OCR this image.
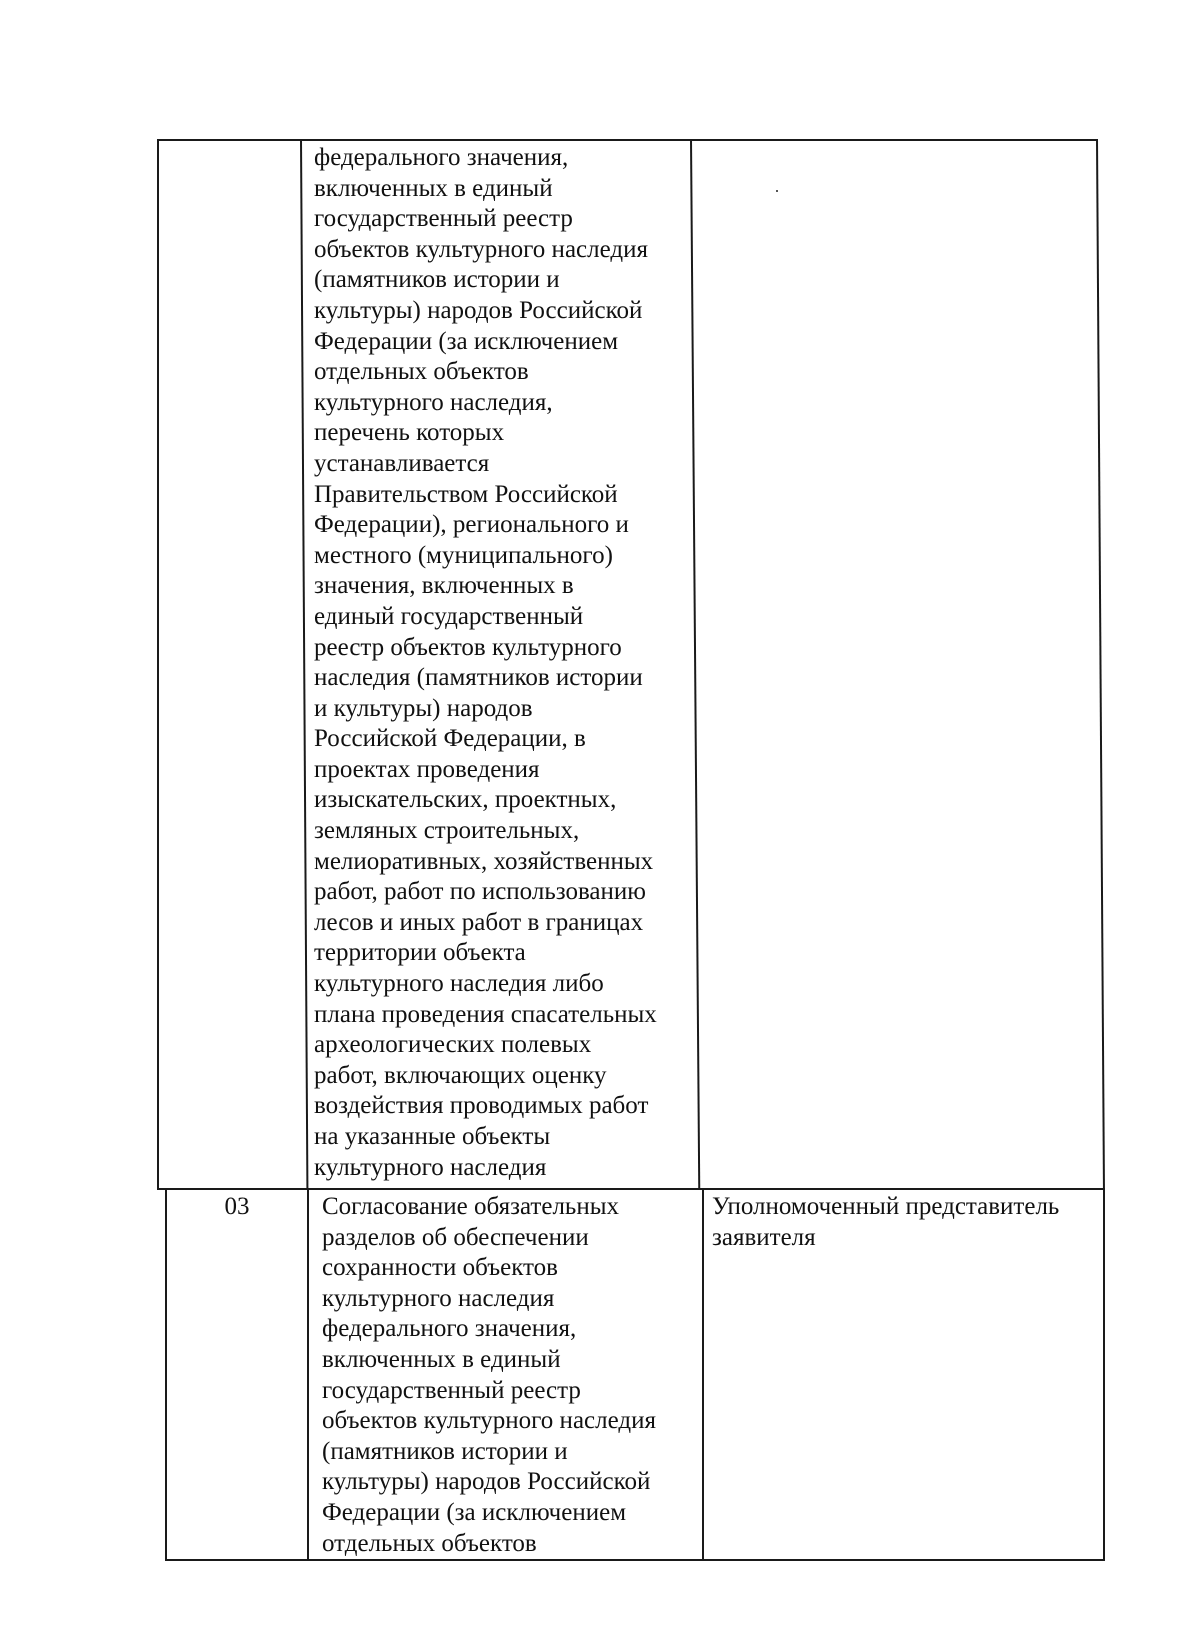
федерального значения,
включенных в единый
государственный реестр
объектов культурного наследия
(памятников истории и
культуры) народов Российской
Федерации (за исключением
отдельных объектов
культурного наследия,
перечень которых
устанавливается
Правительством Российской
Федерации), регионального и
местного (муниципального)
значения, включенных в
единый государственный
реестр объектов культурного
наследия (памятников истории
и культуры) народов
Российской Федерации, в
проектах проведения
изыскательских, проектных,
земляных строительных,
мелиоративных, хозяйственных
работ, работ по использованию
лесов и иных работ в границах
территории объекта
культурного наследия либо
плана проведения спасательных
археологических полевых
работ, включающих оценку
воздействия проводимых работ
на указанные объекты
культурного наследия
03	Согласование обязательных
разделов об обеспечении
сохранности объектов
культурного наследия
федерального значения,
включенных в единый
государственный реестр
объектов культурного наследия
(памятников истории и
культуры) народов Российской
Федерации (за исключением
отдельных объектов
Уполномоченный представитель
заявителя
